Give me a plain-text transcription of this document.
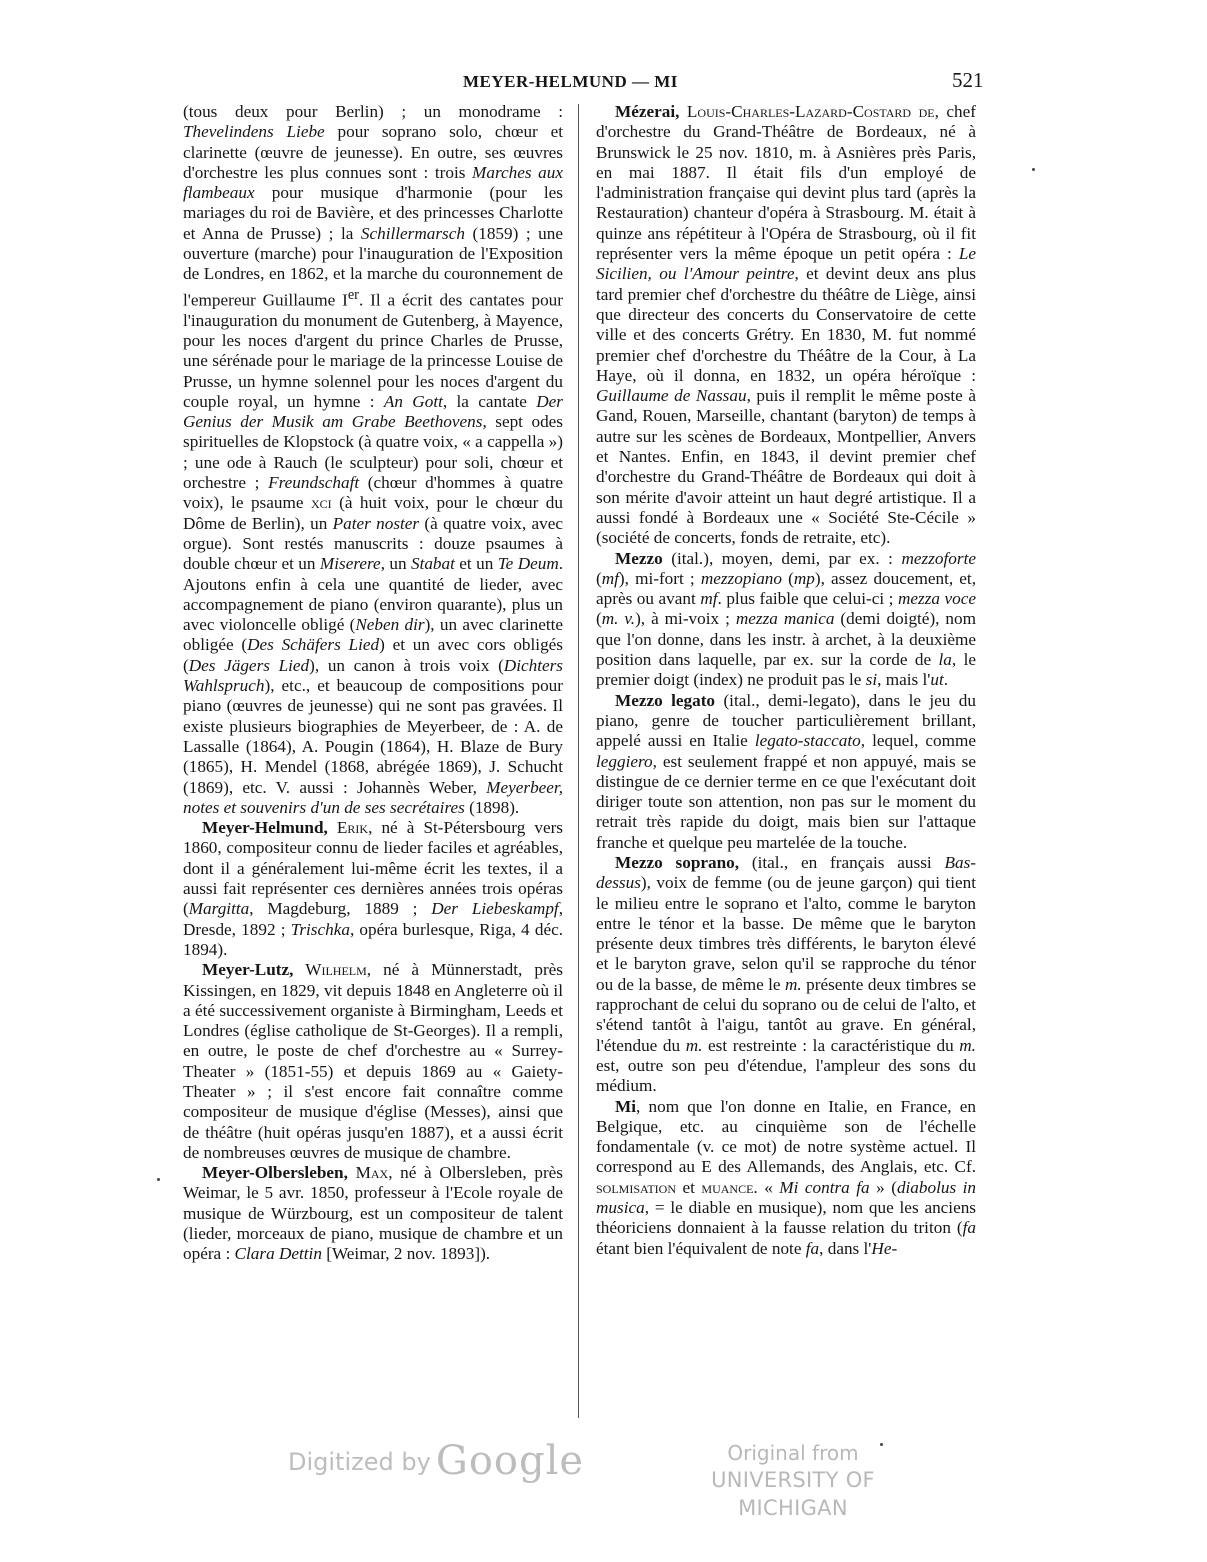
MEYER-HELMUND — MI	521

(tous deux pour Berlin) ; un monodrame : Thevelindens Liebe pour soprano solo, chœur et clarinette (œuvre de jeunesse). En outre, ses œuvres d'orchestre les plus connues sont : trois Marches aux flambeaux pour musique d'harmonie (pour les mariages du roi de Bavière, et des princesses Charlotte et Anna de Prusse) ; la Schillermarsch (1859) ; une ouverture (marche) pour l'inauguration de l'Exposition de Londres, en 1862, et la marche du couronnement de l'empereur Guillaume Ier. Il a écrit des cantates pour l'inauguration du monument de Gutenberg, à Mayence, pour les noces d'argent du prince Charles de Prusse, une sérénade pour le mariage de la princesse Louise de Prusse, un hymne solennel pour les noces d'argent du couple royal, un hymne : An Gott, la cantate Der Genius der Musik am Grabe Beethovens, sept odes spirituelles de Klopstock (à quatre voix, « a cappella ») ; une ode à Rauch (le sculpteur) pour soli, chœur et orchestre ; Freundschaft (chœur d'hommes à quatre voix), le psaume xci (à huit voix, pour le chœur du Dôme de Berlin), un Pater noster (à quatre voix, avec orgue). Sont restés manuscrits : douze psaumes à double chœur et un Miserere, un Stabat et un Te Deum. Ajoutons enfin à cela une quantité de lieder, avec accompagnement de piano (environ quarante), plus un avec violoncelle obligé (Neben dir), un avec clarinette obligée (Des Schäfers Lied) et un avec cors obligés (Des Jägers Lied), un canon à trois voix (Dichters Wahlspruch), etc., et beaucoup de compositions pour piano (œuvres de jeunesse) qui ne sont pas gravées. Il existe plusieurs biographies de Meyerbeer, de : A. de Lassalle (1864), A. Pougin (1864), H. Blaze de Bury (1865), H. Mendel (1868, abrégée 1869), J. Schucht (1869), etc. V. aussi : Johannès Weber, Meyerbeer, notes et souvenirs d'un de ses secrétaires (1898).

Meyer-Helmund, Erik, né à St-Pétersbourg vers 1860, compositeur connu de lieder faciles et agréables, dont il a généralement lui-même écrit les textes, il a aussi fait représenter ces dernières années trois opéras (Margitta, Magdeburg, 1889 ; Der Liebeskampf, Dresde, 1892 ; Trischka, opéra burlesque, Riga, 4 déc. 1894).

Meyer-Lutz, Wilhelm, né à Münnerstadt, près Kissingen, en 1829, vit depuis 1848 en Angleterre où il a été successivement organiste à Birmingham, Leeds et Londres (église catholique de St-Georges). Il a rempli, en outre, le poste de chef d'orchestre au « Surrey-Theater » (1851-55) et depuis 1869 au « Gaiety-Theater » ; il s'est encore fait connaître comme compositeur de musique d'église (Messes), ainsi que de théâtre (huit opéras jusqu'en 1887), et a aussi écrit de nombreuses œuvres de musique de chambre.

Meyer-Olbersleben, Max, né à Olbersleben, près Weimar, le 5 avr. 1850, professeur à l'Ecole royale de musique de Würzbourg, est un compositeur de talent (lieder, morceaux de piano, musique de chambre et un opéra : Clara Dettin [Weimar, 2 nov. 1893]).

Mézerai, Louis-Charles-Lazard-Costard de, chef d'orchestre du Grand-Théâtre de Bordeaux, né à Brunswick le 25 nov. 1810, m. à Asnières près Paris, en mai 1887. Il était fils d'un employé de l'administration française qui devint plus tard (après la Restauration) chanteur d'opéra à Strasbourg. M. était à quinze ans répétiteur à l'Opéra de Strasbourg, où il fit représenter vers la même époque un petit opéra : Le Sicilien, ou l'Amour peintre, et devint deux ans plus tard premier chef d'orchestre du théâtre de Liège, ainsi que directeur des concerts du Conservatoire de cette ville et des concerts Grétry. En 1830, M. fut nommé premier chef d'orchestre du Théâtre de la Cour, à La Haye, où il donna, en 1832, un opéra héroïque : Guillaume de Nassau, puis il remplit le même poste à Gand, Rouen, Marseille, chantant (baryton) de temps à autre sur les scènes de Bordeaux, Montpellier, Anvers et Nantes. Enfin, en 1843, il devint premier chef d'orchestre du Grand-Théâtre de Bordeaux qui doit à son mérite d'avoir atteint un haut degré artistique. Il a aussi fondé à Bordeaux une « Société Ste-Cécile » (société de concerts, fonds de retraite, etc).

Mezzo (ital.), moyen, demi, par ex. : mezzoforte (mf), mi-fort ; mezzopiano (mp), assez doucement, et, après ou avant mf. plus faible que celui-ci ; mezza voce (m. v.), à mi-voix ; mezza manica (demi doigté), nom que l'on donne, dans les instr. à archet, à la deuxième position dans laquelle, par ex. sur la corde de la, le premier doigt (index) ne produit pas le si, mais l'ut.

Mezzo legato (ital., demi-legato), dans le jeu du piano, genre de toucher particulièrement brillant, appelé aussi en Italie legato-staccato, lequel, comme leggiero, est seulement frappé et non appuyé, mais se distingue de ce dernier terme en ce que l'exécutant doit diriger toute son attention, non pas sur le moment du retrait très rapide du doigt, mais bien sur l'attaque franche et quelque peu martelée de la touche.

Mezzo soprano, (ital., en français aussi Bas-dessus), voix de femme (ou de jeune garçon) qui tient le milieu entre le soprano et l'alto, comme le baryton entre le ténor et la basse. De même que le baryton présente deux timbres très différents, le baryton élevé et le baryton grave, selon qu'il se rapproche du ténor ou de la basse, de même le m. présente deux timbres se rapprochant de celui du soprano ou de celui de l'alto, et s'étend tantôt à l'aigu, tantôt au grave. En général, l'étendue du m. est restreinte : la caractéristique du m. est, outre son peu d'étendue, l'ampleur des sons du médium.

Mi, nom que l'on donne en Italie, en France, en Belgique, etc. au cinquième son de l'échelle fondamentale (v. ce mot) de notre système actuel. Il correspond au E des Allemands, des Anglais, etc. Cf. solmisation et muance. « Mi contra fa » (diabolus in musica, = le diable en musique), nom que les anciens théoriciens donnaient à la fausse relation du triton (fa étant bien l'équivalent de note fa, dans l'He-

Digitized by Google	Original from
UNIVERSITY OF MICHIGAN
